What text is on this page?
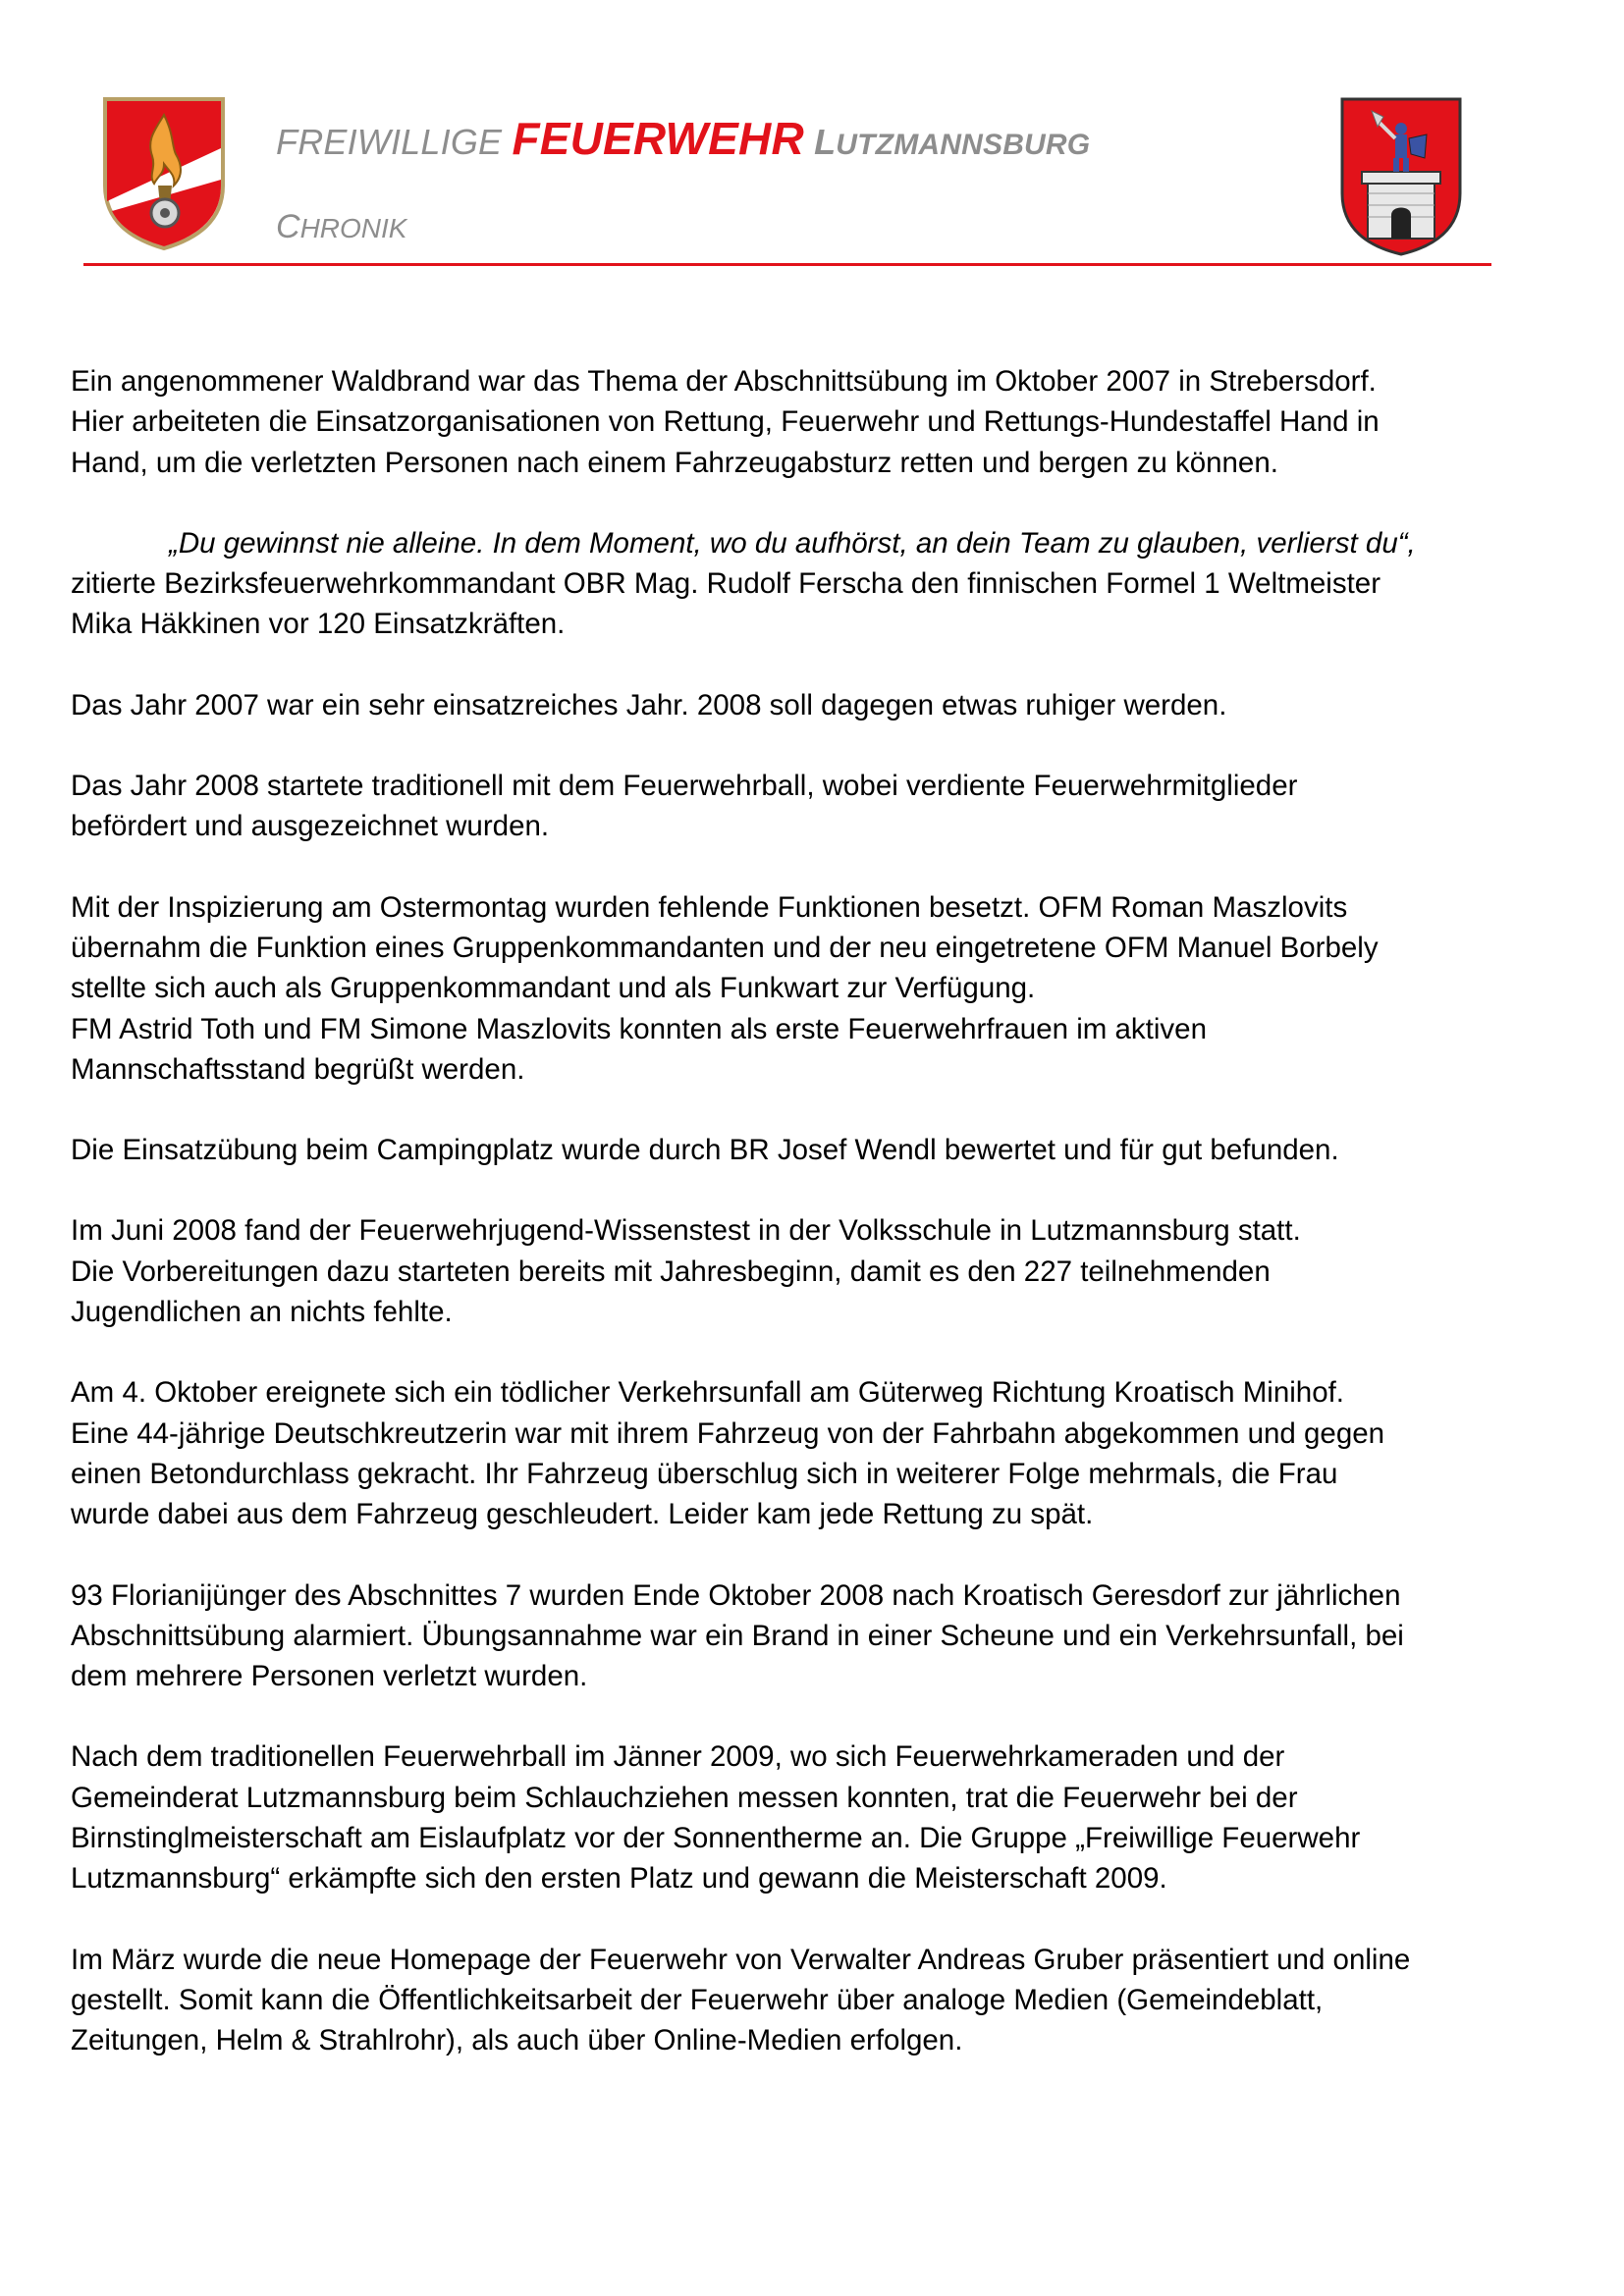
FREIWILLIGE FEUERWEHR LUTZMANNSBURG
CHRONIK

Ein angenommener Waldbrand war das Thema der Abschnittsübung im Oktober 2007 in Strebersdorf.
Hier arbeiteten die Einsatzorganisationen von Rettung, Feuerwehr und Rettungs-Hundestaffel Hand in
Hand, um die verletzten Personen nach einem Fahrzeugabsturz retten und bergen zu können.

„Du gewinnst nie alleine. In dem Moment, wo du aufhörst, an dein Team zu glauben, verlierst du“,
zitierte Bezirksfeuerwehrkommandant OBR Mag. Rudolf Ferscha den finnischen Formel 1 Weltmeister
Mika Häkkinen vor 120 Einsatzkräften.

Das Jahr 2007 war ein sehr einsatzreiches Jahr. 2008 soll dagegen etwas ruhiger werden.

Das Jahr 2008 startete traditionell mit dem Feuerwehrball, wobei verdiente Feuerwehrmitglieder
befördert und ausgezeichnet wurden.

Mit der Inspizierung am Ostermontag wurden fehlende Funktionen besetzt. OFM Roman Maszlovits
übernahm die Funktion eines Gruppenkommandanten und der neu eingetretene OFM Manuel Borbely
stellte sich auch als Gruppenkommandant und als Funkwart zur Verfügung.
FM Astrid Toth und FM Simone Maszlovits konnten als erste Feuerwehrfrauen im aktiven
Mannschaftsstand begrüßt werden.

Die Einsatzübung beim Campingplatz wurde durch BR Josef Wendl bewertet und für gut befunden.

Im Juni 2008 fand der Feuerwehrjugend-Wissenstest in der Volksschule in Lutzmannsburg statt.
Die Vorbereitungen dazu starteten bereits mit Jahresbeginn, damit es den 227 teilnehmenden
Jugendlichen an nichts fehlte.

Am 4. Oktober ereignete sich ein tödlicher Verkehrsunfall am Güterweg Richtung Kroatisch Minihof.
Eine 44-jährige Deutschkreutzerin war mit ihrem Fahrzeug von der Fahrbahn abgekommen und gegen
einen Betondurchlass gekracht. Ihr Fahrzeug überschlug sich in weiterer Folge mehrmals, die Frau
wurde dabei aus dem Fahrzeug geschleudert. Leider kam jede Rettung zu spät.

93 Florianijünger des Abschnittes 7 wurden Ende Oktober 2008 nach Kroatisch Geresdorf zur jährlichen
Abschnittsübung alarmiert. Übungsannahme war ein Brand in einer Scheune und ein Verkehrsunfall, bei
dem mehrere Personen verletzt wurden.

Nach dem traditionellen Feuerwehrball im Jänner 2009, wo sich Feuerwehrkameraden und der
Gemeinderat Lutzmannsburg beim Schlauchziehen messen konnten, trat die Feuerwehr bei der
Birnstinglmeisterschaft am Eislaufplatz vor der Sonnentherme an. Die Gruppe „Freiwillige Feuerwehr
Lutzmannsburg“ erkämpfte sich den ersten Platz und gewann die Meisterschaft 2009.

Im März wurde die neue Homepage der Feuerwehr von Verwalter Andreas Gruber präsentiert und online
gestellt. Somit kann die Öffentlichkeitsarbeit der Feuerwehr über analoge Medien (Gemeindeblatt,
Zeitungen, Helm & Strahlrohr), als auch über Online-Medien erfolgen.
